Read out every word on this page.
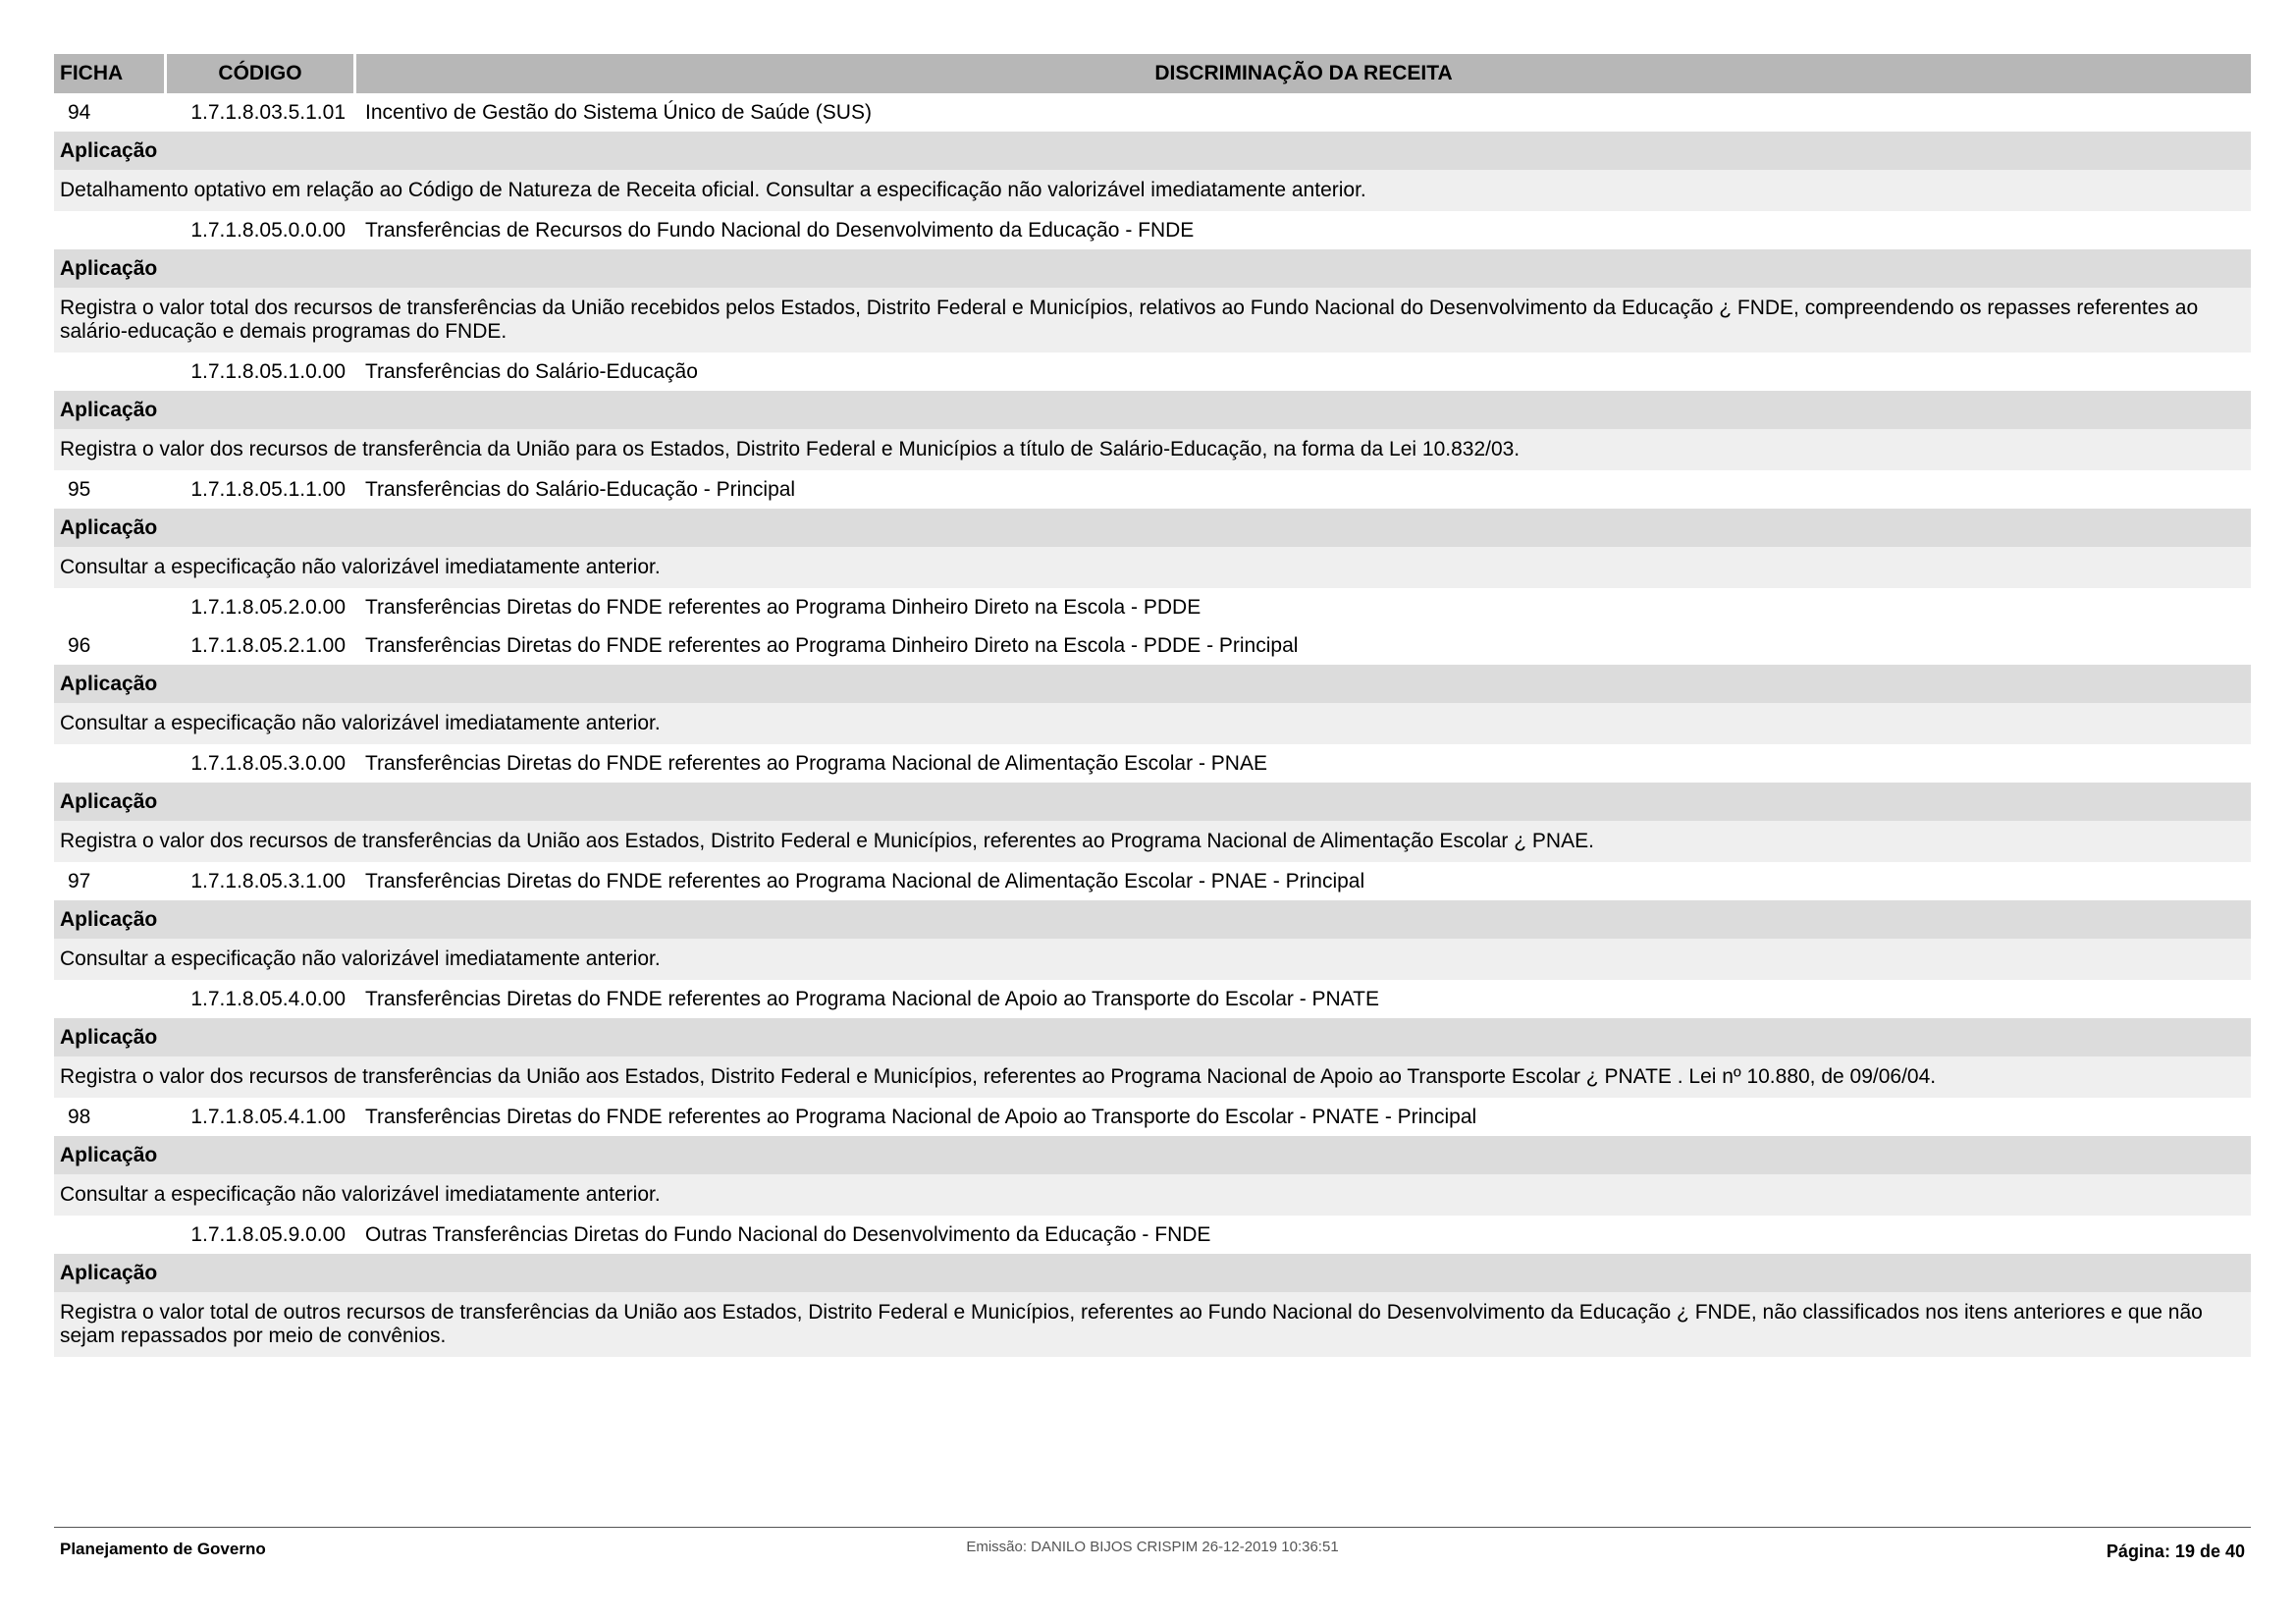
FICHA	CÓDIGO	DISCRIMINAÇÃO DA RECEITA
94	1.7.1.8.03.5.1.01 Incentivo de Gestão do Sistema Único de Saúde (SUS)
Aplicação
Detalhamento optativo em relação ao Código de Natureza de Receita oficial. Consultar a especificação não valorizável imediatamente anterior.
1.7.1.8.05.0.0.00 Transferências de Recursos do Fundo Nacional do Desenvolvimento da Educação - FNDE
Aplicação
Registra o valor total dos recursos de transferências da União recebidos pelos Estados, Distrito Federal e Municípios, relativos ao Fundo Nacional do Desenvolvimento da Educação ¿ FNDE, compreendendo os repasses referentes ao salário-educação e demais programas do FNDE.
1.7.1.8.05.1.0.00 Transferências do Salário-Educação
Aplicação
Registra o valor dos recursos de transferência da União para os Estados, Distrito Federal e Municípios a título de Salário-Educação, na forma da Lei 10.832/03.
95	1.7.1.8.05.1.1.00 Transferências do Salário-Educação - Principal
Aplicação
Consultar a especificação não valorizável imediatamente anterior.
1.7.1.8.05.2.0.00 Transferências Diretas do FNDE referentes ao Programa Dinheiro Direto na Escola - PDDE
96	1.7.1.8.05.2.1.00 Transferências Diretas do FNDE referentes ao Programa Dinheiro Direto na Escola - PDDE - Principal
Aplicação
Consultar a especificação não valorizável imediatamente anterior.
1.7.1.8.05.3.0.00 Transferências Diretas do FNDE referentes ao Programa Nacional de Alimentação Escolar - PNAE
Aplicação
Registra o valor dos recursos de transferências da União aos Estados, Distrito Federal e Municípios, referentes ao Programa Nacional de Alimentação Escolar ¿ PNAE.
97	1.7.1.8.05.3.1.00 Transferências Diretas do FNDE referentes ao Programa Nacional de Alimentação Escolar - PNAE - Principal
Aplicação
Consultar a especificação não valorizável imediatamente anterior.
1.7.1.8.05.4.0.00 Transferências Diretas do FNDE referentes ao Programa Nacional de Apoio ao Transporte do Escolar - PNATE
Aplicação
Registra o valor dos recursos de transferências da União aos Estados, Distrito Federal e Municípios, referentes ao Programa Nacional de Apoio ao Transporte Escolar ¿ PNATE . Lei nº 10.880, de 09/06/04.
98	1.7.1.8.05.4.1.00 Transferências Diretas do FNDE referentes ao Programa Nacional de Apoio ao Transporte do Escolar - PNATE - Principal
Aplicação
Consultar a especificação não valorizável imediatamente anterior.
1.7.1.8.05.9.0.00 Outras Transferências Diretas do Fundo Nacional do Desenvolvimento da Educação - FNDE
Aplicação
Registra o valor total de outros recursos de transferências da União aos Estados, Distrito Federal e Municípios, referentes ao Fundo Nacional do Desenvolvimento da Educação ¿ FNDE, não classificados nos itens anteriores e que não sejam repassados por meio de convênios.
Planejamento de Governo	Emissão: DANILO BIJOS CRISPIM 26-12-2019 10:36:51	Página: 19 de 40
